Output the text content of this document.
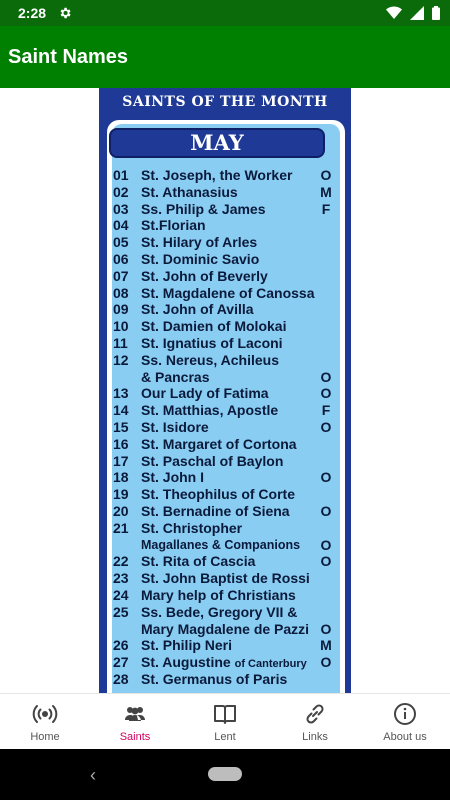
2:28
Saint Names
SAINTS OF THE MONTH
MAY
01 St. Joseph, the Worker O
02 St. Athanasius	M
03 Ss. Philip & James	F
04 St.Florian
05 St. Hilary of Arles
06 St. Dominic Savio
07 St. John of Beverly
08 St. Magdalene of Canossa
09 St. John of Avilla
10 St. Damien of Molokai
11 St. Ignatius of Laconi
12 Ss. Nereus, Achileus
& Pancras	O
13 Our Lady of Fatima	O
14 St. Matthias, Apostle	F
15 St. Isidore	O
16 St. Margaret of Cortona
17 St. Paschal of Baylon
18 St. John I	O
19 St. Theophilus of Corte
20 St. Bernadine of Siena O
21 St. Christopher
Magallanes & Companions O
22 St. Rita of Cascia	O
23 St. John Baptist de Rossi
24 Mary help of Christians
25 Ss. Bede, Gregory VII &
Mary Magdalene de Pazzi O
26 St. Philip Neri	M
27 St. Augustine of Canterbury O
28 St. Germanus of Paris
Home	Saints	Lent	Links	About us
‹
